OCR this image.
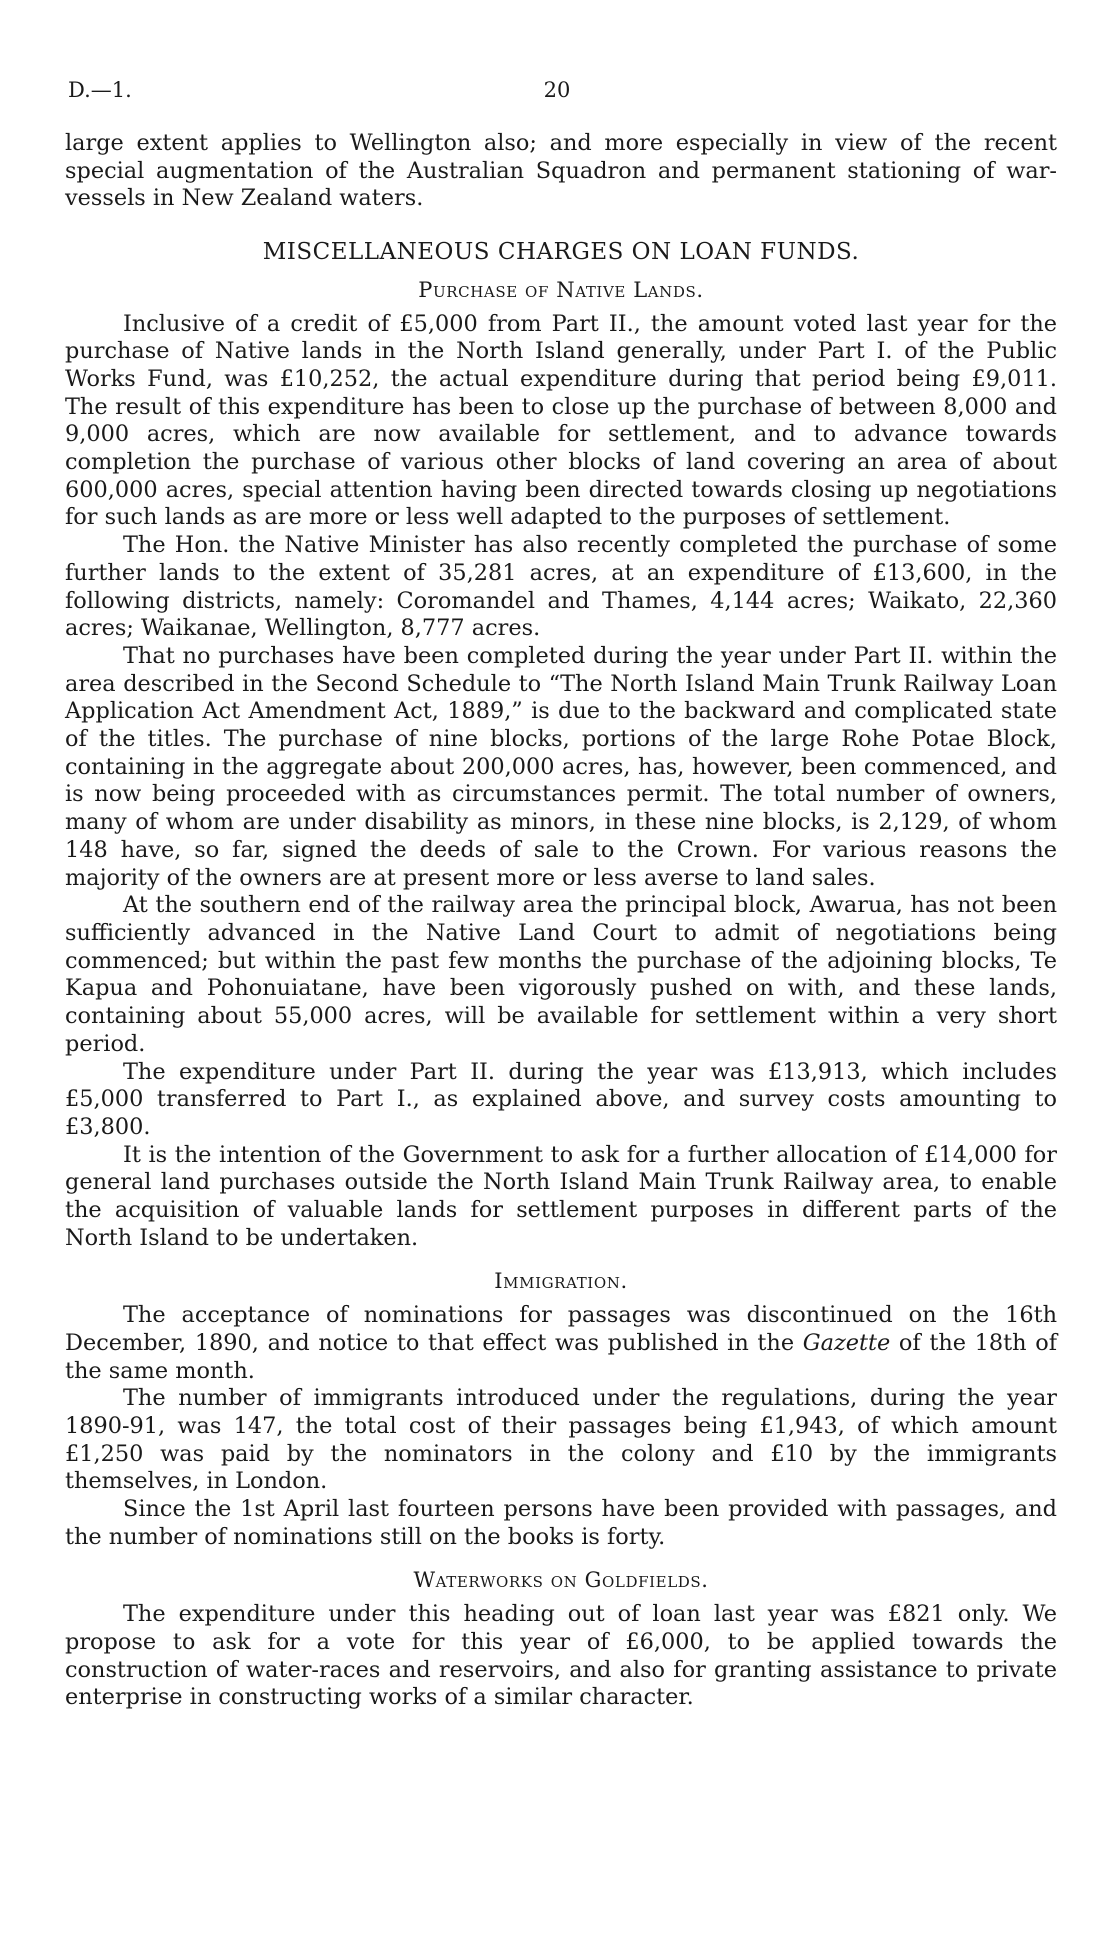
D.—1.	20

large extent applies to Wellington also; and more especially in view of the recent special augmentation of the Australian Squadron and permanent stationing of war-vessels in New Zealand waters.

MISCELLANEOUS CHARGES ON LOAN FUNDS.
Purchase of Native Lands.

Inclusive of a credit of £5,000 from Part II., the amount voted last year for the purchase of Native lands in the North Island generally, under Part I. of the Public Works Fund, was £10,252, the actual expenditure during that period being £9,011. The result of this expenditure has been to close up the purchase of between 8,000 and 9,000 acres, which are now available for settlement, and to advance towards completion the purchase of various other blocks of land covering an area of about 600,000 acres, special attention having been directed towards closing up negotiations for such lands as are more or less well adapted to the purposes of settlement.

The Hon. the Native Minister has also recently completed the purchase of some further lands to the extent of 35,281 acres, at an expenditure of £13,600, in the following districts, namely: Coromandel and Thames, 4,144 acres; Waikato, 22,360 acres; Waikanae, Wellington, 8,777 acres.

That no purchases have been completed during the year under Part II. within the area described in the Second Schedule to “The North Island Main Trunk Railway Loan Application Act Amendment Act, 1889,” is due to the backward and complicated state of the titles. The purchase of nine blocks, portions of the large Rohe Potae Block, containing in the aggregate about 200,000 acres, has, however, been commenced, and is now being proceeded with as circumstances permit. The total number of owners, many of whom are under disability as minors, in these nine blocks, is 2,129, of whom 148 have, so far, signed the deeds of sale to the Crown. For various reasons the majority of the owners are at present more or less averse to land sales.

At the southern end of the railway area the principal block, Awarua, has not been sufficiently advanced in the Native Land Court to admit of negotiations being commenced; but within the past few months the purchase of the adjoining blocks, Te Kapua and Pohonuiatane, have been vigorously pushed on with, and these lands, containing about 55,000 acres, will be available for settlement within a very short period.

The expenditure under Part II. during the year was £13,913, which includes £5,000 transferred to Part I., as explained above, and survey costs amounting to £3,800.

It is the intention of the Government to ask for a further allocation of £14,000 for general land purchases outside the North Island Main Trunk Railway area, to enable the acquisition of valuable lands for settlement purposes in different parts of the North Island to be undertaken.

Immigration.

The acceptance of nominations for passages was discontinued on the 16th December, 1890, and notice to that effect was published in the Gazette of the 18th of the same month.

The number of immigrants introduced under the regulations, during the year 1890-91, was 147, the total cost of their passages being £1,943, of which amount £1,250 was paid by the nominators in the colony and £10 by the immigrants themselves, in London.

Since the 1st April last fourteen persons have been provided with passages, and the number of nominations still on the books is forty.

Waterworks on Goldfields.

The expenditure under this heading out of loan last year was £821 only. We propose to ask for a vote for this year of £6,000, to be applied towards the construction of water-races and reservoirs, and also for granting assistance to private enterprise in constructing works of a similar character.
